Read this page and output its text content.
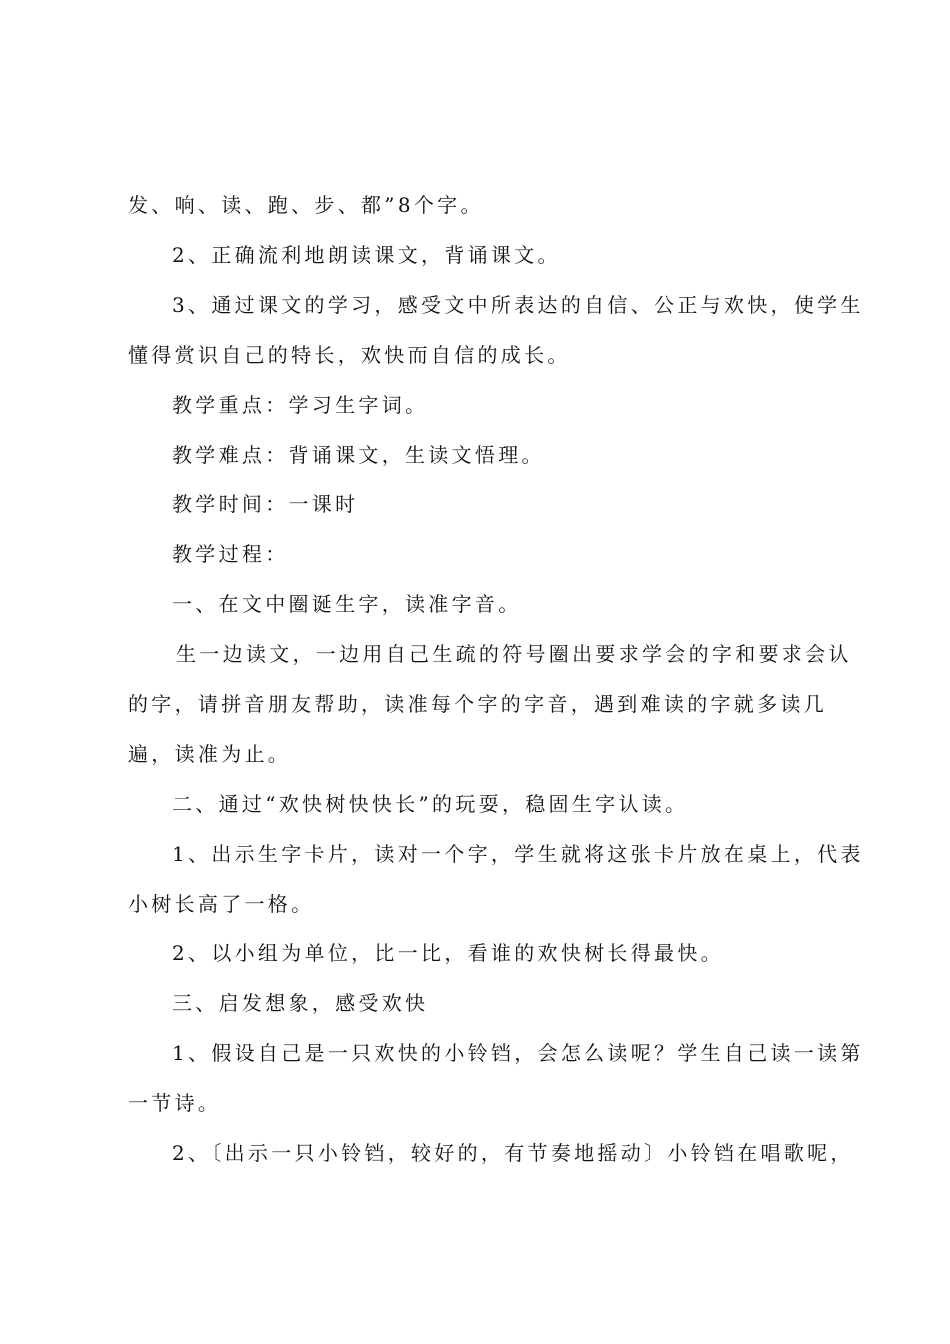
发、响、读、跑、步、都”8个字。
2、正确流利地朗读课文，背诵课文。
3、通过课文的学习，感受文中所表达的自信、公正与欢快，使学生
懂得赏识自己的特长，欢快而自信的成长。
教学重点：学习生字词。
教学难点：背诵课文，生读文悟理。
教学时间：一课时
教学过程：
一、在文中圈诞生字，读准字音。
生一边读文，一边用自己生疏的符号圈出要求学会的字和要求会认
的字，请拼音朋友帮助，读准每个字的字音，遇到难读的字就多读几
遍，读准为止。
二、通过“欢快树快快长”的玩耍，稳固生字认读。
1、出示生字卡片，读对一个字，学生就将这张卡片放在桌上，代表
小树长高了一格。
2、以小组为单位，比一比，看谁的欢快树长得最快。
三、启发想象，感受欢快
1、假设自己是一只欢快的小铃铛，会怎么读呢？学生自己读一读第
一节诗。
2、〔出示一只小铃铛，较好的，有节奏地摇动〕小铃铛在唱歌呢，
